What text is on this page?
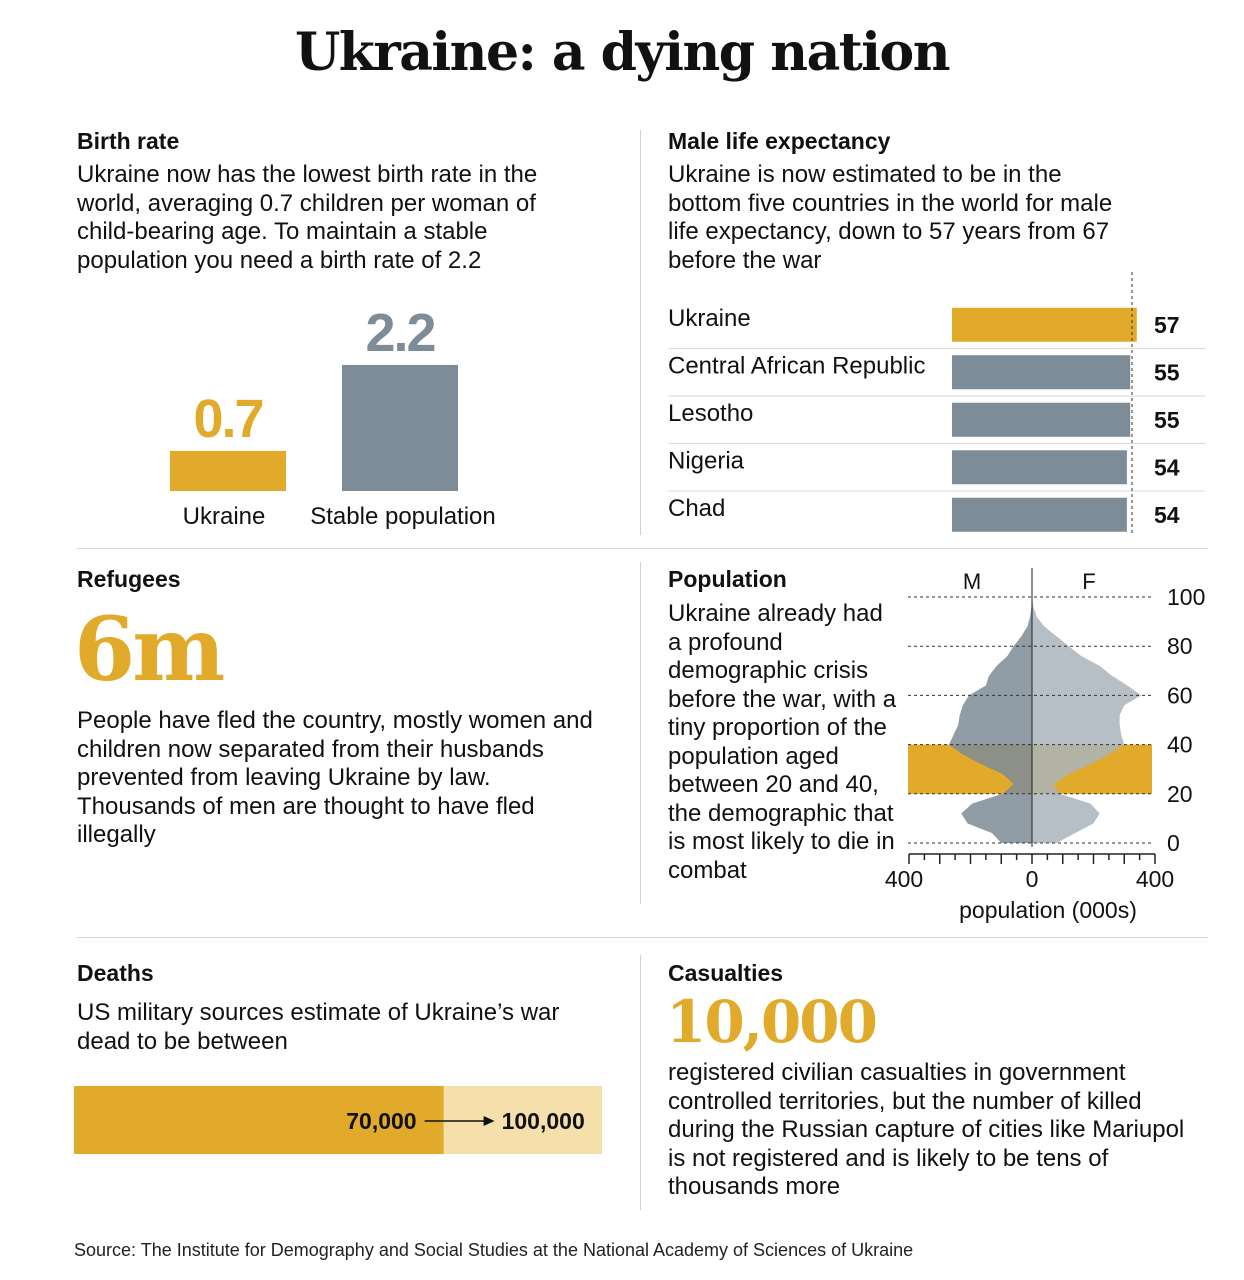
Ukraine: a dying nation
Birth rate
Ukraine now has the lowest birth rate in the world, averaging 0.7 children per woman of child-bearing age. To maintain a stable population you need a birth rate of 2.2
0.7
Ukraine
2.2
Stable population
Male life expectancy
Ukraine is now estimated to be in the bottom five countries in the world for male life expectancy, down to 57 years from 67 before the war
Ukraine	57
Central African Republic	55
Lesotho	55
Nigeria	54
Chad	54
Refugees
6m
People have fled the country, mostly women and children now separated from their husbands prevented from leaving Ukraine by law. Thousands of men are thought to have fled illegally
Population
Ukraine already had a profound demographic crisis before the war, with a tiny proportion of the population aged between 20 and 40, the demographic that is most likely to die in combat
0
20
40
60
80
100
400	0	400
population (000s)
M	F
Deaths
US military sources estimate of Ukraine’s war dead to be between
70,000	100,000
Casualties
10,000
registered civilian casualties in government controlled territories, but the number of killed during the Russian capture of cities like Mariupol is not registered and is likely to be tens of thousands more
Source: The Institute for Demography and Social Studies at the National Academy of Sciences of Ukraine
